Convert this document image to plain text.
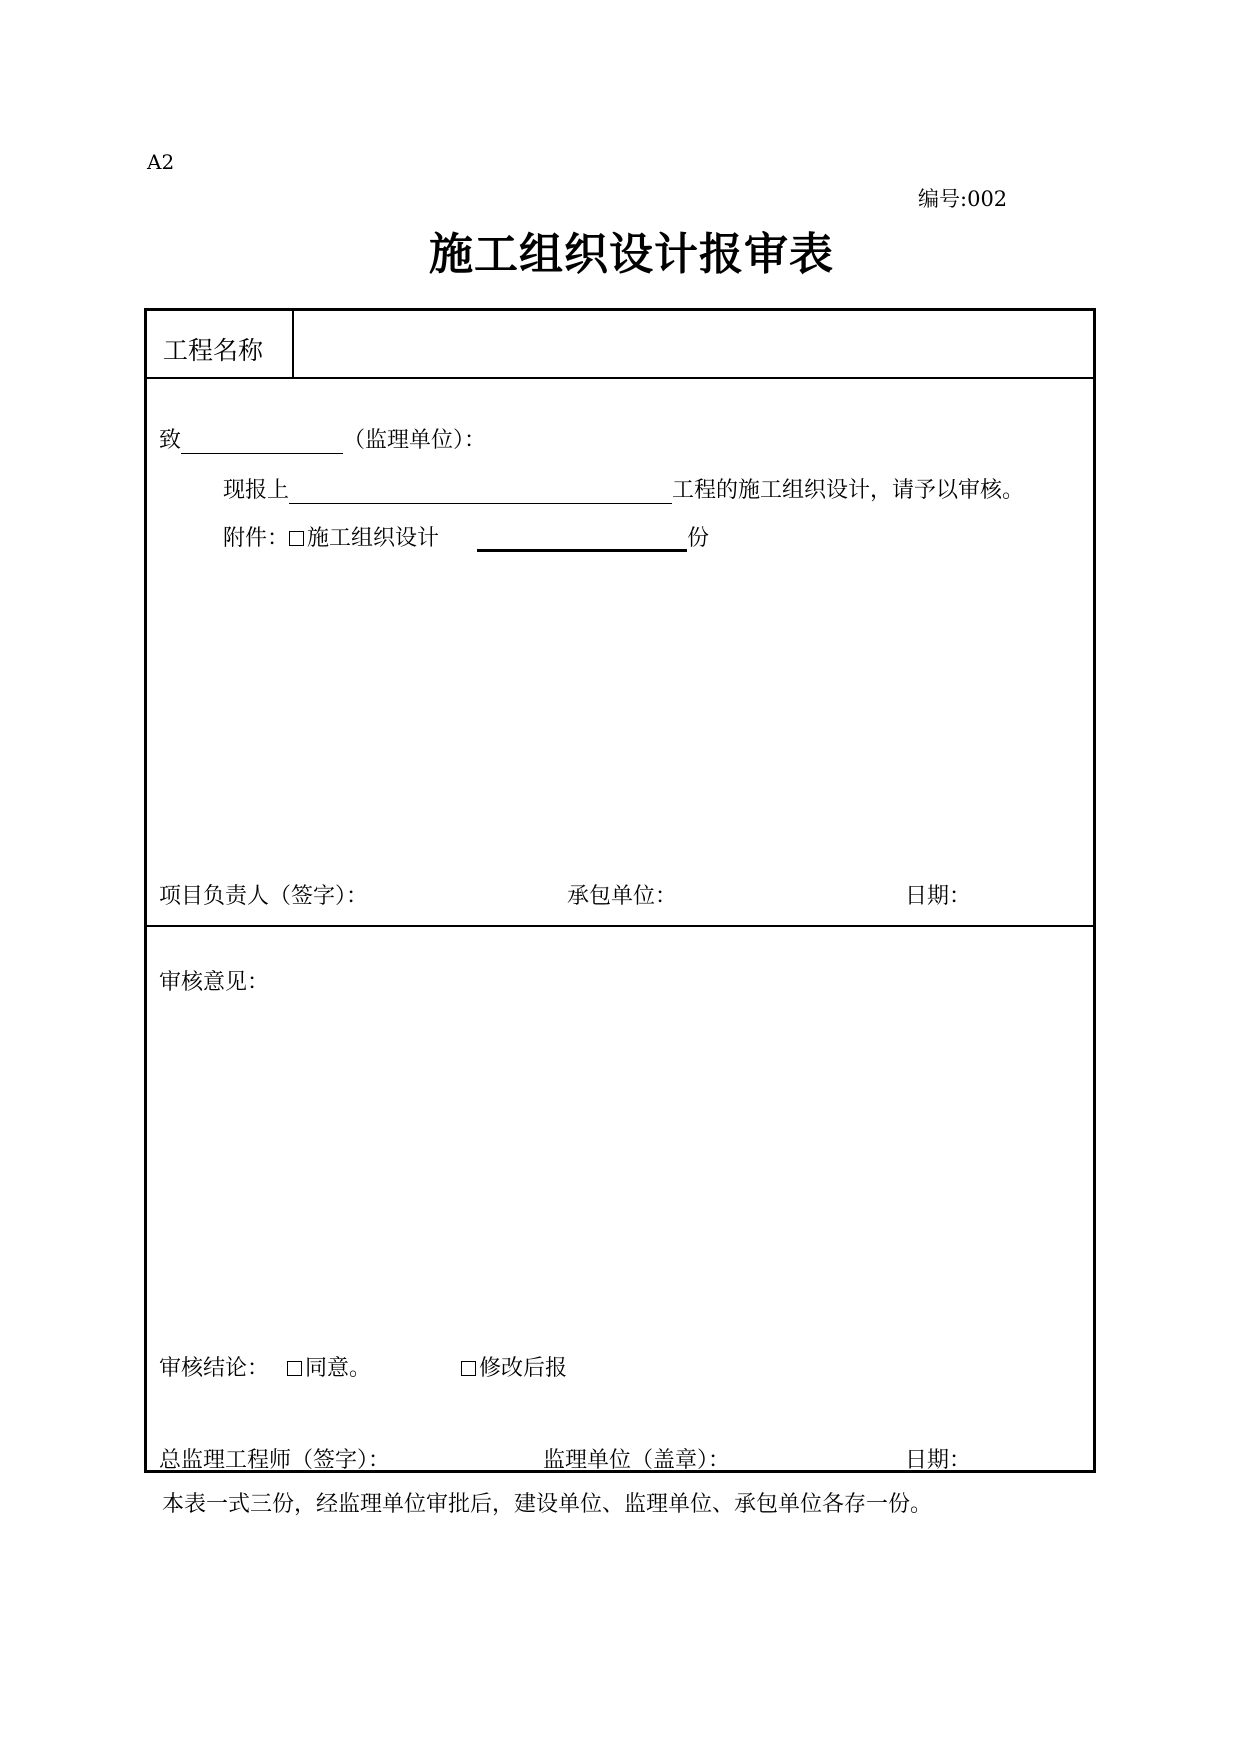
A2
编号:002
施工组织设计报审表
工程名称
致	（监理单位）：
现报上	工程的施工组织设计，请予以审核。
附件： 施工组织设计	份
项目负责人（签字）：	承包单位：	日期：
审核意见：
审核结论：	同意。	修改后报
总监理工程师（签字）：	监理单位（盖章）：	日期：
本表一式三份，经监理单位审批后，建设单位、监理单位、承包单位各存一份。
